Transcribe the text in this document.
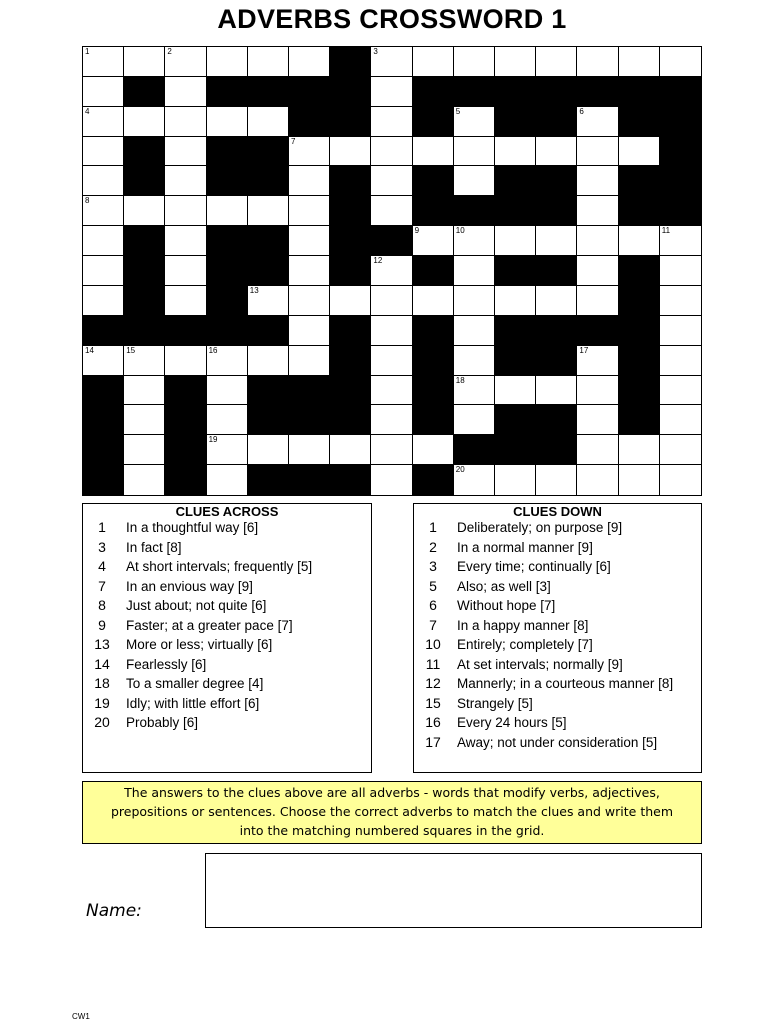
ADVERBS CROSSWORD 1
1	2	3
4	5	6
7
8
9	10	11
12
13
14	15	16	17
18
19
20
CLUES ACROSS
1	In a thoughtful way [6]
3	In fact [8]
4	At short intervals; frequently [5]
7	In an envious way [9]
8	Just about; not quite [6]
9	Faster; at a greater pace [7]
13 More or less; virtually [6]
14 Fearlessly [6]
18 To a smaller degree [4]
19 Idly; with little effort [6]
20 Probably [6]
CLUES DOWN
1	Deliberately; on purpose [9]
2	In a normal manner [9]
3	Every time; continually [6]
5	Also; as well [3]
6	Without hope [7]
7	In a happy manner [8]
10 Entirely; completely [7]
11 At set intervals; normally [9]
12 Mannerly; in a courteous manner [8]
15 Strangely [5]
16 Every 24 hours [5]
17 Away; not under consideration [5]
The answers to the clues above are all adverbs - words that modify verbs, adjectives,
prepositions or sentences. Choose the correct adverbs to match the clues and write them
into the matching numbered squares in the grid.
Name:
CW1
